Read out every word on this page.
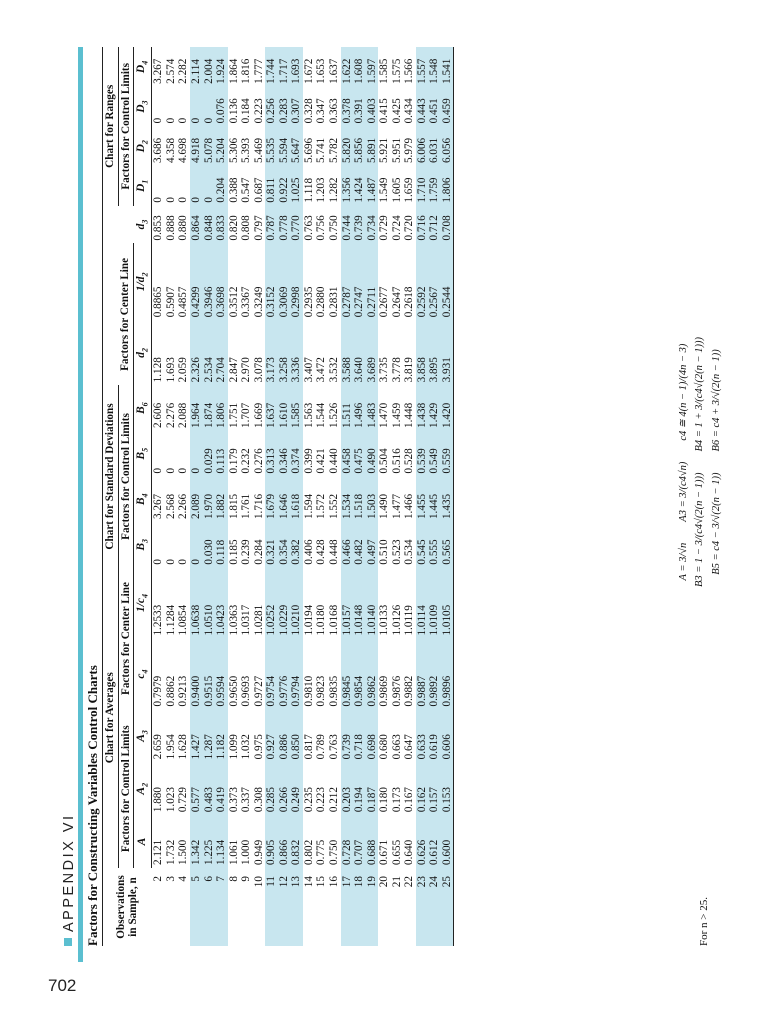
702
APPENDIX VI Factors for Constructing Variables Control Charts Observations in Sample, n	Chart for Averages					Chart for Standard Deviations							Chart for Ranges			
	Factors for Control Limits			Factors for Center Line		Factors for Control Limits				Factors for Center Line			Factors for Control Limits			
	A	$A_2$	$A_3$	$c_4$	$1/c_4$	$B_3$	$B_4$	$B_5$	$B_6$	$d_2$	$1/d_2$	$d_3$	$D_1$	$D_2$	$D_3$	$D_4$
2	2.121	1.880	2.659	0.7979	1.2533	0	3.267	0	2.606	1.128	0.8865	0.853	0	3.686	0	3.267
3	1.732	1.023	1.954	0.8862	1.1284	0	2.568	0	2.276	1.693	0.5907	0.888	0	4.358	0	2.574
4	1.500	0.729	1.628	0.9213	1.0854	0	2.266	0	2.088	2.059	0.4857	0.880	0	4.698	0	2.282
5	1.342	0.577	1.427	0.9400	1.0638	0	2.089	0	1.964	2.326	0.4299	0.864	0	4.918	0	2.114
6	1.225	0.483	1.287	0.9515	1.0510	0.030	1.970	0.029	1.874	2.534	0.3946	0.848	0	5.078	0	2.004
7	1.134	0.419	1.182	0.9594	1.0423	0.118	1.882	0.113	1.806	2.704	0.3698	0.833	0.204	5.204	0.076	1.924
8	1.061	0.373	1.099	0.9650	1.0363	0.185	1.815	0.179	1.751	2.847	0.3512	0.820	0.388	5.306	0.136	1.864
9	1.000	0.337	1.032	0.9693	1.0317	0.239	1.761	0.232	1.707	2.970	0.3367	0.808	0.547	5.393	0.184	1.816
10	0.949	0.308	0.975	0.9727	1.0281	0.284	1.716	0.276	1.669	3.078	0.3249	0.797	0.687	5.469	0.223	1.777
11	0.905	0.285	0.927	0.9754	1.0252	0.321	1.679	0.313	1.637	3.173	0.3152	0.787	0.811	5.535	0.256	1.744
12	0.866	0.266	0.886	0.9776	1.0229	0.354	1.646	0.346	1.610	3.258	0.3069	0.778	0.922	5.594	0.283	1.717
13	0.832	0.249	0.850	0.9794	1.0210	0.382	1.618	0.374	1.585	3.336	0.2998	0.770	1.025	5.647	0.307	1.693
14	0.802	0.235	0.817	0.9810	1.0194	0.406	1.594	0.399	1.563	3.407	0.2935	0.763	1.118	5.696	0.328	1.672
15	0.775	0.223	0.789	0.9823	1.0180	0.428	1.572	0.421	1.544	3.472	0.2880	0.756	1.203	5.741	0.347	1.653
16	0.750	0.212	0.763	0.9835	1.0168	0.448	1.552	0.440	1.526	3.532	0.2831	0.750	1.282	5.782	0.363	1.637
17	0.728	0.203	0.739	0.9845	1.0157	0.466	1.534	0.458	1.511	3.588	0.2787	0.744	1.356	5.820	0.378	1.622
18	0.707	0.194	0.718	0.9854	1.0148	0.482	1.518	0.475	1.496	3.640	0.2747	0.739	1.424	5.856	0.391	1.608
19	0.688	0.187	0.698	0.9862	1.0140	0.497	1.503	0.490	1.483	3.689	0.2711	0.734	1.487	5.891	0.403	1.597
20	0.671	0.180	0.680	0.9869	1.0133	0.510	1.490	0.504	1.470	3.735	0.2677	0.729	1.549	5.921	0.415	1.585
21	0.655	0.173	0.663	0.9876	1.0126	0.523	1.477	0.516	1.459	3.778	0.2647	0.724	1.605	5.951	0.425	1.575
22	0.640	0.167	0.647	0.9882	1.0119	0.534	1.466	0.528	1.448	3.819	0.2618	0.720	1.659	5.979	0.434	1.566
23	0.626	0.162	0.633	0.9887	1.0114	0.545	1.455	0.539	1.438	3.858	0.2592	0.716	1.710	6.006	0.443	1.557
24	0.612	0.157	0.619	0.9892	1.0109	0.555	1.445	0.549	1.429	3.895	0.2567	0.712	1.759	6.031	0.451	1.548
25	0.600	0.153	0.606	0.9896	1.0105	0.565	1.435	0.559	1.420	3.931	0.2544	0.708	1.806	6.056	0.459	1.541
A = 3/√n  A3 = 3/(c4√n)  c4 ≅ 4(n − 1)/(4n − 3) B3 = 1 − 3/(c4√(2(n − 1)))  B4 = 1 + 3/(c4√(2(n − 1))) B5 = c4 − 3/√(2(n − 1))  B6 = c4 + 3/√(2(n − 1))
For n > 25.
